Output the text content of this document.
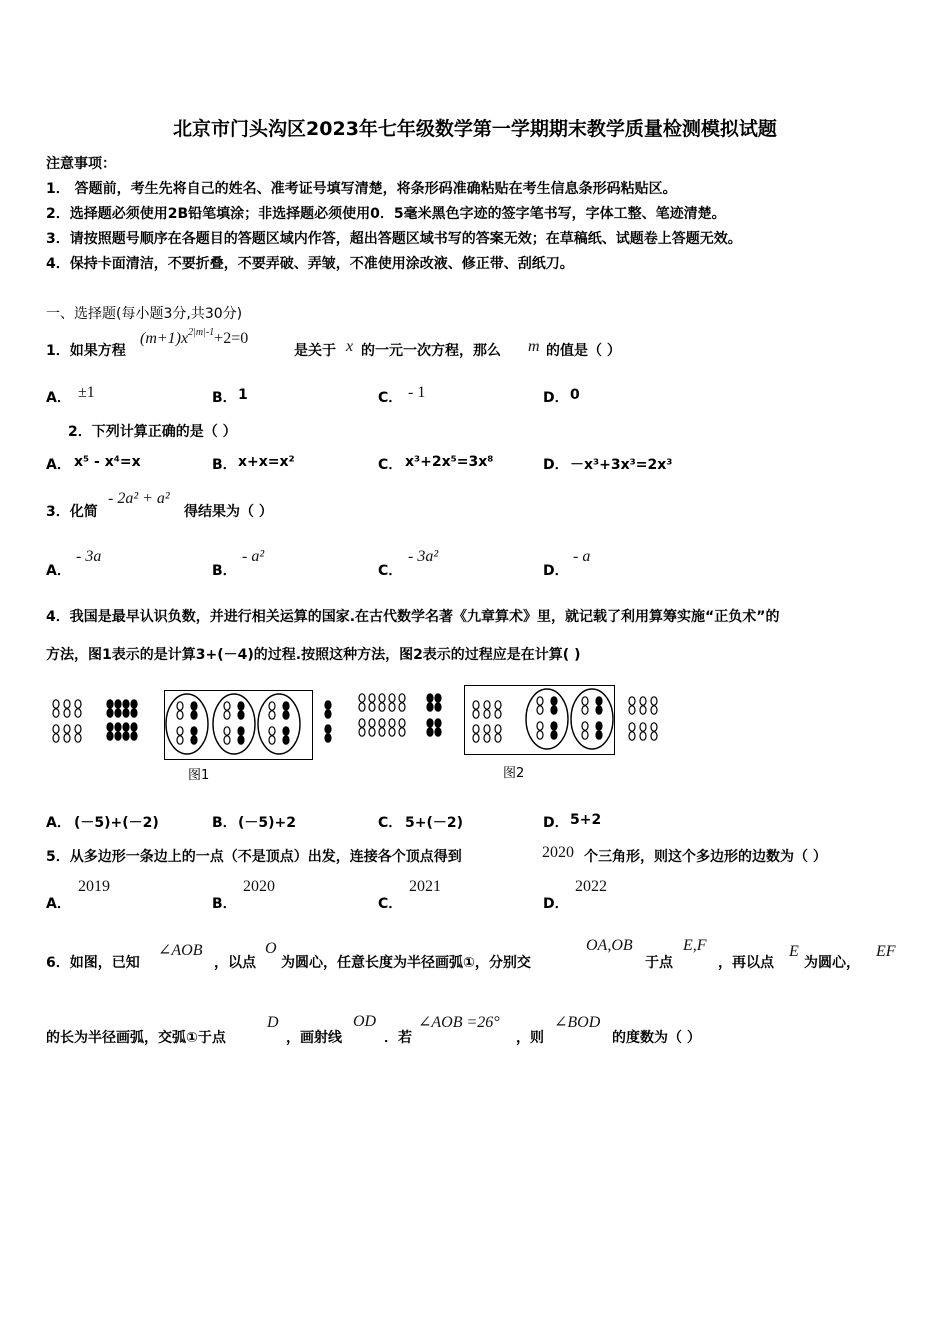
北京市门头沟区2023年七年级数学第一学期期末教学质量检测模拟试题
注意事项：
1． 答题前，考生先将自己的姓名、准考证号填写清楚，将条形码准确粘贴在考生信息条形码粘贴区。
2．选择题必须使用2B铅笔填涂；非选择题必须使用0．5毫米黑色字迹的签字笔书写，字体工整、笔迹清楚。
3．请按照题号顺序在各题目的答题区域内作答，超出答题区域书写的答案无效；在草稿纸、试题卷上答题无效。
4．保持卡面清洁，不要折叠，不要弄破、弄皱，不准使用涂改液、修正带、刮纸刀。
一、选择题(每小题3分,共30分)
1．如果方程
$(m+1)x^{2|m|-1}+2=0$
是关于 x 的一元一次方程，那么 m 的值是（ ）
A． ±1	B． 1	C． - 1	D． 0
2．下列计算正确的是（ ）
A． x⁵ - x⁴=x	B． x+x=x²	C． x³+2x⁵=3x⁸	D． －x³+3x³=2x³
3．化简
- 2a² + a²
得结果为（ ）
A．
- 3a
B．
- a²
C．
- 3a²
D．
- a
4．我国是最早认识负数，并进行相关运算的国家.在古代数学名著《九章算术》里，就记载了利用算筹实施“正负术”的
方法，图1表示的是计算3+(－4)的过程.按照这种方法，图2表示的过程应是在计算( )
图1	图2
A． (－5)+(－2)	B． (－5)+2	C． 5+(－2)	D． 5+2
5．从多边形一条边上的一点（不是顶点）出发，连接各个顶点得到	2020 个三角形，则这个多边形的边数为（ ）
A．
2019
B．
2020
C．
2021
D．
2022
6．如图，已知
∠AOB
，以点
O
为圆心，任意长度为半径画弧①，分别交
OA,OB
于点
E,F
，再以点
E
为圆心，
EF
的长为半径画弧，交弧①于点
D
，画射线
OD
．若
∠AOB =26°
，则
∠BOD
的度数为（ ）
